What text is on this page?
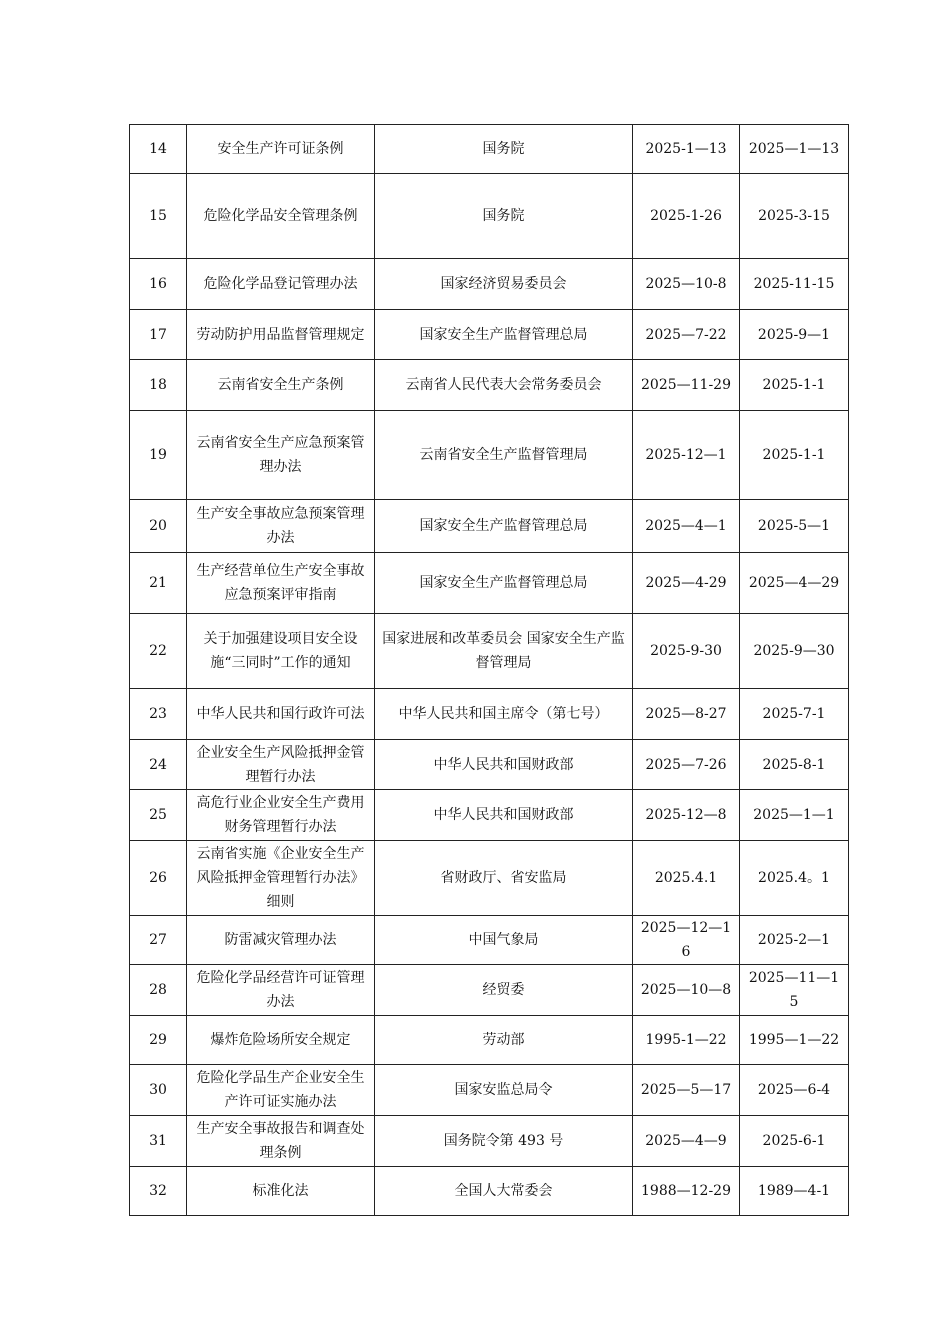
14	安全生产许可证条例	国务院	2025-1—13	2025—1—13
15	危险化学品安全管理条例	国务院	2025-1-26	2025-3-15
16	危险化学品登记管理办法	国家经济贸易委员会	2025—10-8	2025-11-15
17	劳动防护用品监督管理规定	国家安全生产监督管理总局	2025—7-22	2025-9—1
18	云南省安全生产条例	云南省人民代表大会常务委员会	2025—11-29	2025-1-1
19	云南省安全生产应急预案管理办法	云南省安全生产监督管理局	2025-12—1	2025-1-1
20	生产安全事故应急预案管理办法	国家安全生产监督管理总局	2025—4—1	2025-5—1
21	生产经营单位生产安全事故应急预案评审指南	国家安全生产监督管理总局	2025—4-29	2025—4—29
22	关于加强建设项目安全设施“三同时”工作的通知	国家进展和改革委员会 国家安全生产监督管理局	2025-9-30	2025-9—30
23	中华人民共和国行政许可法	中华人民共和国主席令（第七号）	2025—8-27	2025-7-1
24	企业安全生产风险抵押金管理暂行办法	中华人民共和国财政部	2025—7-26	2025-8-1
25	高危行业企业安全生产费用财务管理暂行办法	中华人民共和国财政部	2025-12—8	2025—1—1
26	云南省实施《企业安全生产风险抵押金管理暂行办法》细则	省财政厅、省安监局	2025.4.1	2025.4。1
27	防雷减灾管理办法	中国气象局	2025—12—16	2025-2—1
28	危险化学品经营许可证管理办法	经贸委	2025—10—8	2025—11—15
29	爆炸危险场所安全规定	劳动部	1995-1—22	1995—1—22
30	危险化学品生产企业安全生产许可证实施办法	国家安监总局令	2025—5—17	2025—6-4
31	生产安全事故报告和调查处理条例	国务院令第 493 号	2025—4—9	2025-6-1
32	标准化法	全国人大常委会	1988—12-29	1989—4-1
